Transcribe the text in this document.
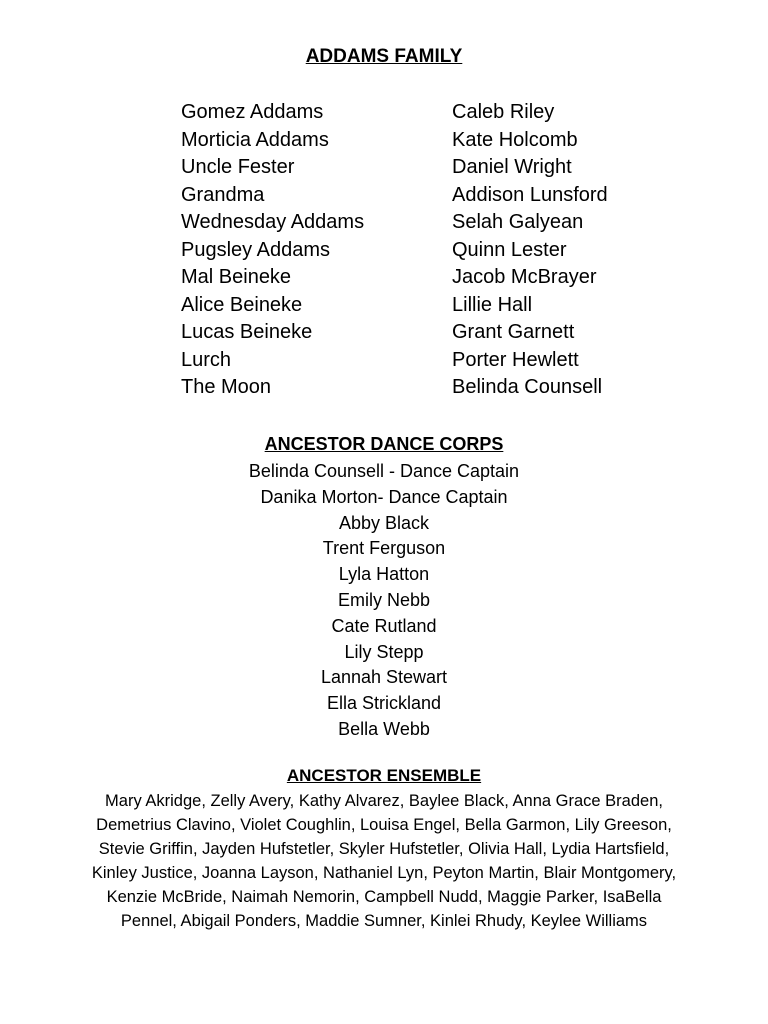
ADDAMS FAMILY
Gomez Addams	Caleb Riley
Morticia Addams	Kate Holcomb
Uncle Fester	Daniel Wright
Grandma	Addison Lunsford
Wednesday Addams	Selah Galyean
Pugsley Addams	Quinn Lester
Mal Beineke	Jacob McBrayer
Alice Beineke	Lillie Hall
Lucas Beineke	Grant Garnett
Lurch	Porter Hewlett
The Moon	Belinda Counsell
ANCESTOR DANCE CORPS
Belinda Counsell - Dance Captain
Danika Morton- Dance Captain
Abby Black
Trent Ferguson
Lyla Hatton
Emily Nebb
Cate Rutland
Lily Stepp
Lannah Stewart
Ella Strickland
Bella Webb
ANCESTOR ENSEMBLE

Mary Akridge, Zelly Avery, Kathy Alvarez, Baylee Black, Anna Grace Braden, Demetrius Clavino, Violet Coughlin, Louisa Engel, Bella Garmon, Lily Greeson, Stevie Griffin, Jayden Hufstetler, Skyler Hufstetler, Olivia Hall, Lydia Hartsfield, Kinley Justice, Joanna Layson, Nathaniel Lyn, Peyton Martin, Blair Montgomery, Kenzie McBride, Naimah Nemorin, Campbell Nudd, Maggie Parker, IsaBella Pennel, Abigail Ponders, Maddie Sumner, Kinlei Rhudy, Keylee Williams
